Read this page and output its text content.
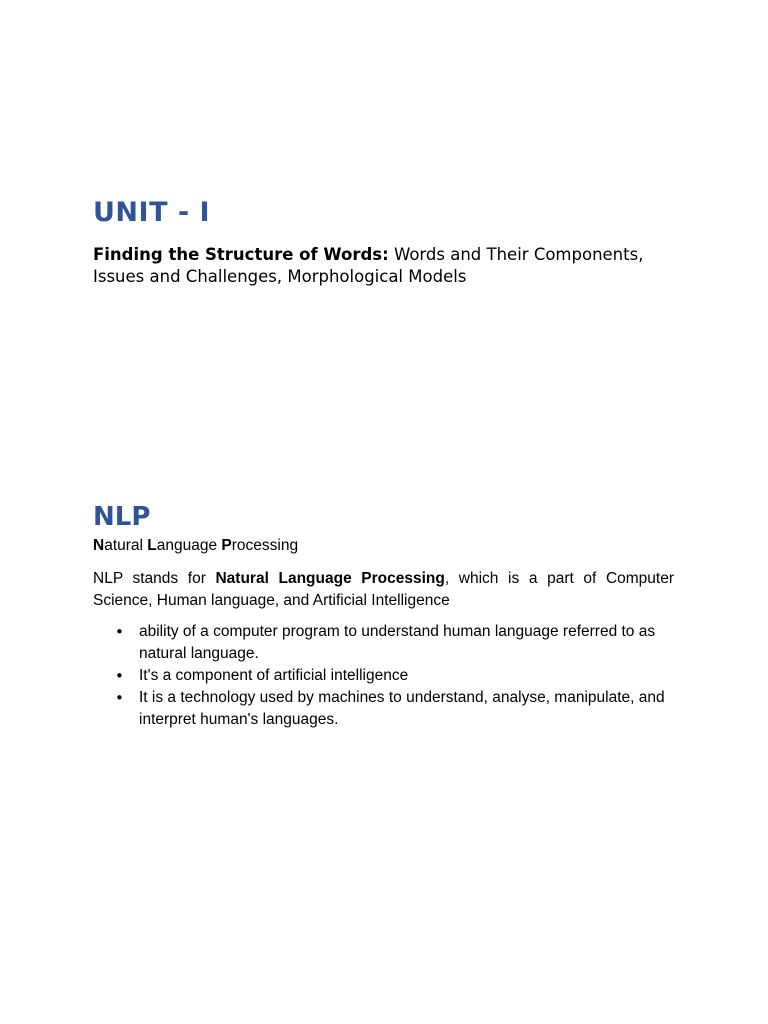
UNIT - I

Finding the Structure of Words: Words and Their Components, Issues and Challenges, Morphological Models

NLP

Natural Language Processing

NLP stands for Natural Language Processing, which is a part of Computer Science, Human language, and Artificial Intelligence

• ability of a computer program to understand human language referred to as natural language.
• It's a component of artificial intelligence
• It is a technology used by machines to understand, analyse, manipulate, and interpret human's languages.
